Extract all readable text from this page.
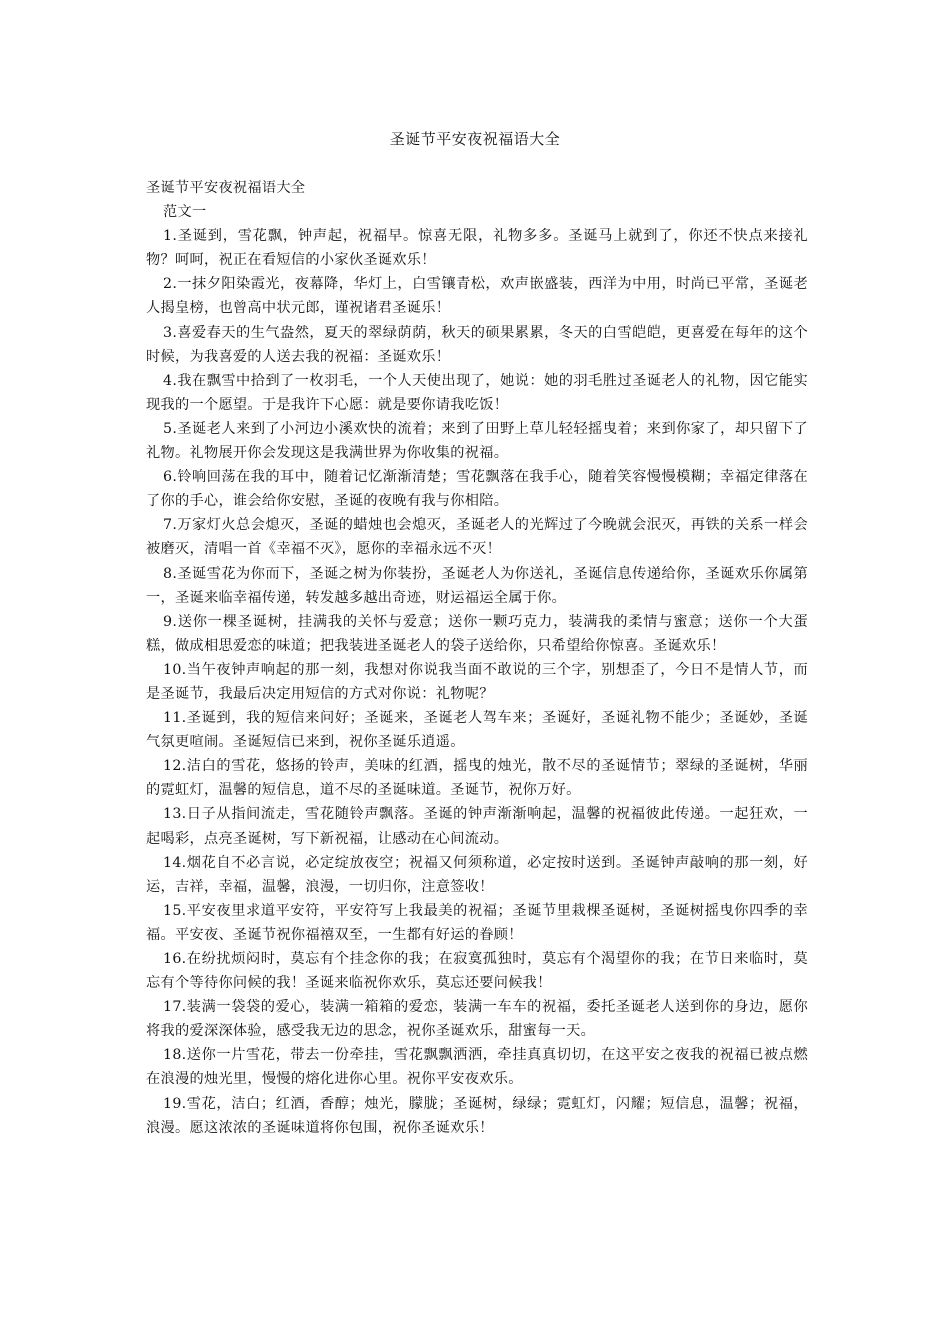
圣诞节平安夜祝福语大全

圣诞节平安夜祝福语大全

范文一

1.圣诞到，雪花飘，钟声起，祝福早。惊喜无限，礼物多多。圣诞马上就到了，你还不快点来接礼物？呵呵，祝正在看短信的小家伙圣诞欢乐！

2.一抹夕阳染霞光，夜幕降，华灯上，白雪镶青松，欢声嵌盛装，西洋为中用，时尚已平常，圣诞老人揭皇榜，也曾高中状元郎，谨祝诸君圣诞乐！

3.喜爱春天的生气盎然，夏天的翠绿荫荫，秋天的硕果累累，冬天的白雪皑皑，更喜爱在每年的这个时候，为我喜爱的人送去我的祝福：圣诞欢乐！

4.我在飘雪中拾到了一枚羽毛，一个人天使出现了，她说：她的羽毛胜过圣诞老人的礼物，因它能实现我的一个愿望。于是我许下心愿：就是要你请我吃饭！

5.圣诞老人来到了小河边小溪欢快的流着；来到了田野上草儿轻轻摇曳着；来到你家了，却只留下了礼物。礼物展开你会发现这是我满世界为你收集的祝福。

6.铃响回荡在我的耳中，随着记忆渐渐清楚；雪花飘落在我手心，随着笑容慢慢模糊；幸福定律落在了你的手心，谁会给你安慰，圣诞的夜晚有我与你相陪。

7.万家灯火总会熄灭，圣诞的蜡烛也会熄灭，圣诞老人的光辉过了今晚就会泯灭，再铁的关系一样会被磨灭，清唱一首《幸福不灭》，愿你的幸福永远不灭！

8.圣诞雪花为你而下，圣诞之树为你装扮，圣诞老人为你送礼，圣诞信息传递给你，圣诞欢乐你属第一，圣诞来临幸福传递，转发越多越出奇迹，财运福运全属于你。

9.送你一棵圣诞树，挂满我的关怀与爱意；送你一颗巧克力，装满我的柔情与蜜意；送你一个大蛋糕，做成相思爱恋的味道；把我装进圣诞老人的袋子送给你，只希望给你惊喜。圣诞欢乐！

10.当午夜钟声响起的那一刻，我想对你说我当面不敢说的三个字，别想歪了，今日不是情人节，而是圣诞节，我最后决定用短信的方式对你说：礼物呢？

11.圣诞到，我的短信来问好；圣诞来，圣诞老人驾车来；圣诞好，圣诞礼物不能少；圣诞妙，圣诞气氛更喧闹。圣诞短信已来到，祝你圣诞乐逍遥。

12.洁白的雪花，悠扬的铃声，美味的红酒，摇曳的烛光，散不尽的圣诞情节；翠绿的圣诞树，华丽的霓虹灯，温馨的短信息，道不尽的圣诞味道。圣诞节，祝你万好。

13.日子从指间流走，雪花随铃声飘落。圣诞的钟声渐渐响起，温馨的祝福彼此传递。一起狂欢，一起喝彩，点亮圣诞树，写下新祝福，让感动在心间流动。

14.烟花自不必言说，必定绽放夜空；祝福又何须称道，必定按时送到。圣诞钟声敲响的那一刻，好运，吉祥，幸福，温馨，浪漫，一切归你，注意签收！

15.平安夜里求道平安符，平安符写上我最美的祝福；圣诞节里栽棵圣诞树，圣诞树摇曳你四季的幸福。平安夜、圣诞节祝你福禧双至，一生都有好运的眷顾！

16.在纷扰烦闷时，莫忘有个挂念你的我；在寂寞孤独时，莫忘有个渴望你的我；在节日来临时，莫忘有个等待你问候的我！圣诞来临祝你欢乐，莫忘还要问候我！

17.装满一袋袋的爱心，装满一箱箱的爱恋，装满一车车的祝福，委托圣诞老人送到你的身边，愿你将我的爱深深体验，感受我无边的思念，祝你圣诞欢乐，甜蜜每一天。

18.送你一片雪花，带去一份牵挂，雪花飘飘洒洒，牵挂真真切切，在这平安之夜我的祝福已被点燃在浪漫的烛光里，慢慢的熔化进你心里。祝你平安夜欢乐。

19.雪花，洁白；红酒，香醇；烛光，朦胧；圣诞树，绿绿；霓虹灯，闪耀；短信息，温馨；祝福，浪漫。愿这浓浓的圣诞味道将你包围，祝你圣诞欢乐！
